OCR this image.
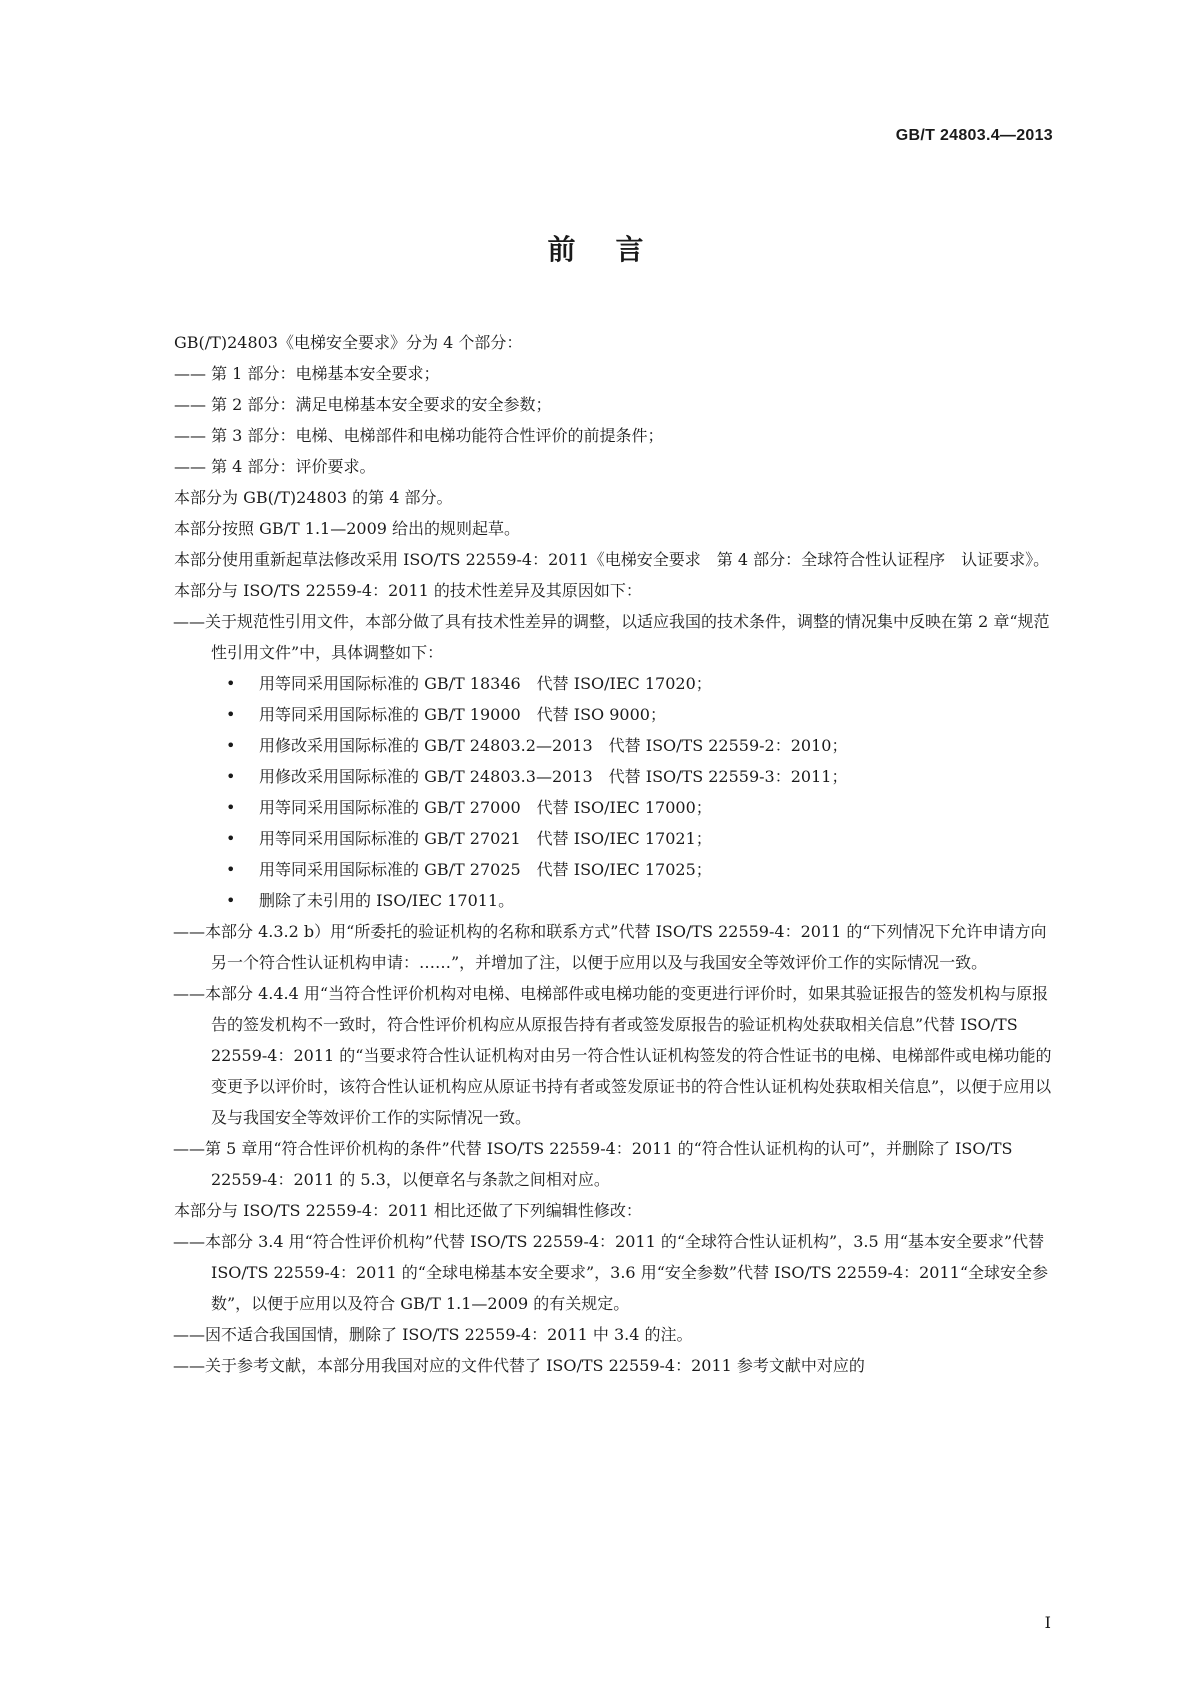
GB/T 24803.4—2013
前言

GB(/T)24803《电梯安全要求》分为 4 个部分：

—— 第 1 部分：电梯基本安全要求；

—— 第 2 部分：满足电梯基本安全要求的安全参数；

—— 第 3 部分：电梯、电梯部件和电梯功能符合性评价的前提条件；

—— 第 4 部分：评价要求。

本部分为 GB(/T)24803 的第 4 部分。

本部分按照 GB/T 1.1—2009 给出的规则起草。

本部分使用重新起草法修改采用 ISO/TS 22559-4：2011《电梯安全要求　第 4 部分：全球符合性认证程序　认证要求》。

本部分与 ISO/TS 22559-4：2011 的技术性差异及其原因如下：

——关于规范性引用文件，本部分做了具有技术性差异的调整，以适应我国的技术条件，调整的情况集中反映在第 2 章“规范性引用文件”中，具体调整如下：

• 用等同采用国际标准的 GB/T 18346　代替 ISO/IEC 17020；
• 用等同采用国际标准的 GB/T 19000　代替 ISO 9000；
• 用修改采用国际标准的 GB/T 24803.2—2013　代替 ISO/TS 22559-2：2010；
• 用修改采用国际标准的 GB/T 24803.3—2013　代替 ISO/TS 22559-3：2011；
• 用等同采用国际标准的 GB/T 27000　代替 ISO/IEC 17000；
• 用等同采用国际标准的 GB/T 27021　代替 ISO/IEC 17021；
• 用等同采用国际标准的 GB/T 27025　代替 ISO/IEC 17025；
• 删除了未引用的 ISO/IEC 17011。

——本部分 4.3.2 b）用“所委托的验证机构的名称和联系方式”代替 ISO/TS 22559-4：2011 的“下列情况下允许申请方向另一个符合性认证机构申请：……”，并增加了注，以便于应用以及与我国安全等效评价工作的实际情况一致。

——本部分 4.4.4 用“当符合性评价机构对电梯、电梯部件或电梯功能的变更进行评价时，如果其验证报告的签发机构与原报告的签发机构不一致时，符合性评价机构应从原报告持有者或签发原报告的验证机构处获取相关信息”代替 ISO/TS 22559-4：2011 的“当要求符合性认证机构对由另一符合性认证机构签发的符合性证书的电梯、电梯部件或电梯功能的变更予以评价时，该符合性认证机构应从原证书持有者或签发原证书的符合性认证机构处获取相关信息”，以便于应用以及与我国安全等效评价工作的实际情况一致。

——第 5 章用“符合性评价机构的条件”代替 ISO/TS 22559-4：2011 的“符合性认证机构的认可”，并删除了 ISO/TS 22559-4：2011 的 5.3，以便章名与条款之间相对应。

本部分与 ISO/TS 22559-4：2011 相比还做了下列编辑性修改：

——本部分 3.4 用“符合性评价机构”代替 ISO/TS 22559-4：2011 的“全球符合性认证机构”，3.5 用“基本安全要求”代替 ISO/TS 22559-4：2011 的“全球电梯基本安全要求”，3.6 用“安全参数”代替 ISO/TS 22559-4：2011“全球安全参数”，以便于应用以及符合 GB/T 1.1—2009 的有关规定。

——因不适合我国国情，删除了 ISO/TS 22559-4：2011 中 3.4 的注。

——关于参考文献，本部分用我国对应的文件代替了 ISO/TS 22559-4：2011 参考文献中对应的

I
